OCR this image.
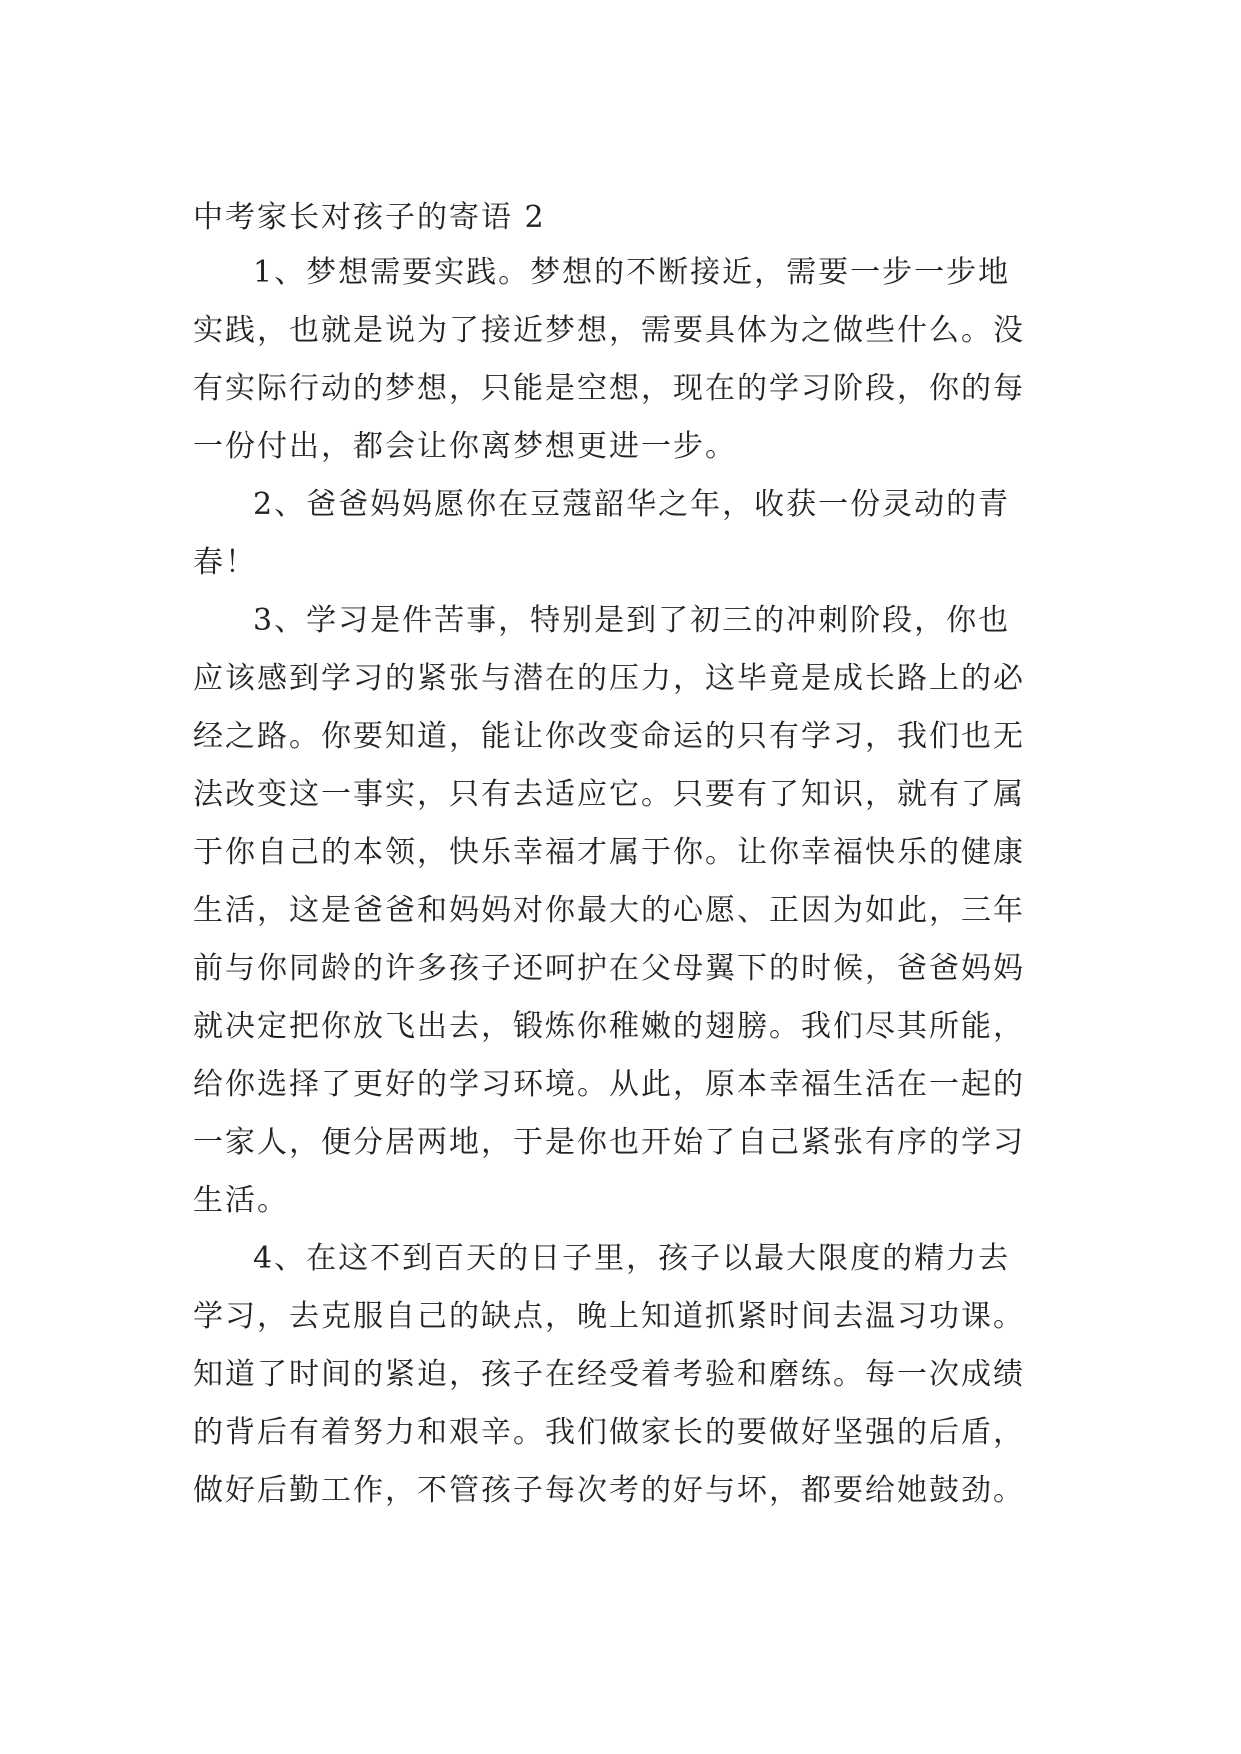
中考家长对孩子的寄语 2
1、梦想需要实践。梦想的不断接近，需要一步一步地
实践，也就是说为了接近梦想，需要具体为之做些什么。没
有实际行动的梦想，只能是空想，现在的学习阶段，你的每
一份付出，都会让你离梦想更进一步。
2、爸爸妈妈愿你在豆蔻韶华之年，收获一份灵动的青
春！
3、学习是件苦事，特别是到了初三的冲刺阶段，你也
应该感到学习的紧张与潜在的压力，这毕竟是成长路上的必
经之路。你要知道，能让你改变命运的只有学习，我们也无
法改变这一事实，只有去适应它。只要有了知识，就有了属
于你自己的本领，快乐幸福才属于你。让你幸福快乐的健康
生活，这是爸爸和妈妈对你最大的心愿、正因为如此，三年
前与你同龄的许多孩子还呵护在父母翼下的时候，爸爸妈妈
就决定把你放飞出去，锻炼你稚嫩的翅膀。我们尽其所能，
给你选择了更好的学习环境。从此，原本幸福生活在一起的
一家人，便分居两地，于是你也开始了自己紧张有序的学习
生活。
4、在这不到百天的日子里，孩子以最大限度的精力去
学习，去克服自己的缺点，晚上知道抓紧时间去温习功课。
知道了时间的紧迫，孩子在经受着考验和磨练。每一次成绩
的背后有着努力和艰辛。我们做家长的要做好坚强的后盾，
做好后勤工作，不管孩子每次考的好与坏，都要给她鼓劲。
